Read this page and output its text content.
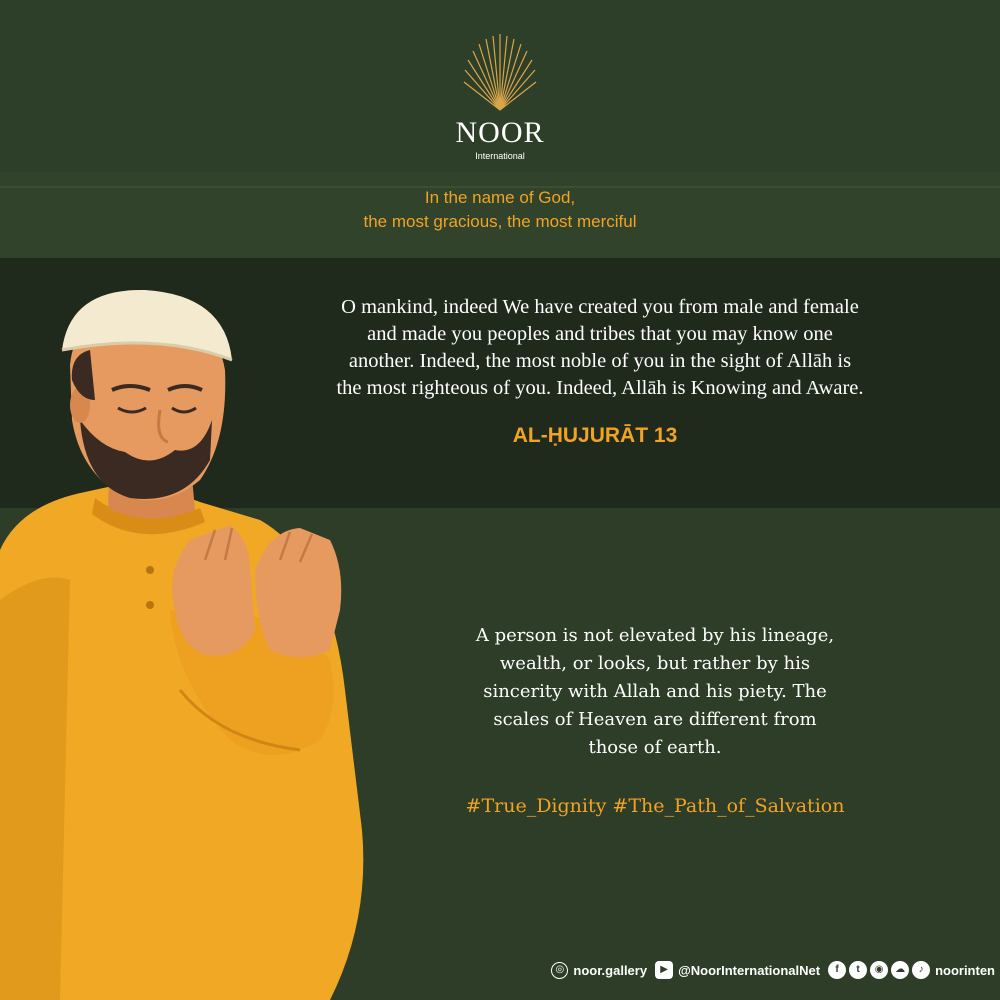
NOOR
International
In the name of God,
the most gracious, the most merciful
O mankind, indeed We have created you from male and female
and made you peoples and tribes that you may know one
another. Indeed, the most noble of you in the sight of Allāh is
the most righteous of you. Indeed, Allāh is Knowing and Aware.
AL-ḤUJURĀT 13
A person is not elevated by his lineage,
wealth, or looks, but rather by his
sincerity with Allah and his piety. The
scales of Heaven are different from
those of earth.
#True_Dignity #The_Path_of_Salvation
◎ noor.gallery	▶ @NoorInternationalNet	f	t	◉	☁	♪ noorinten
